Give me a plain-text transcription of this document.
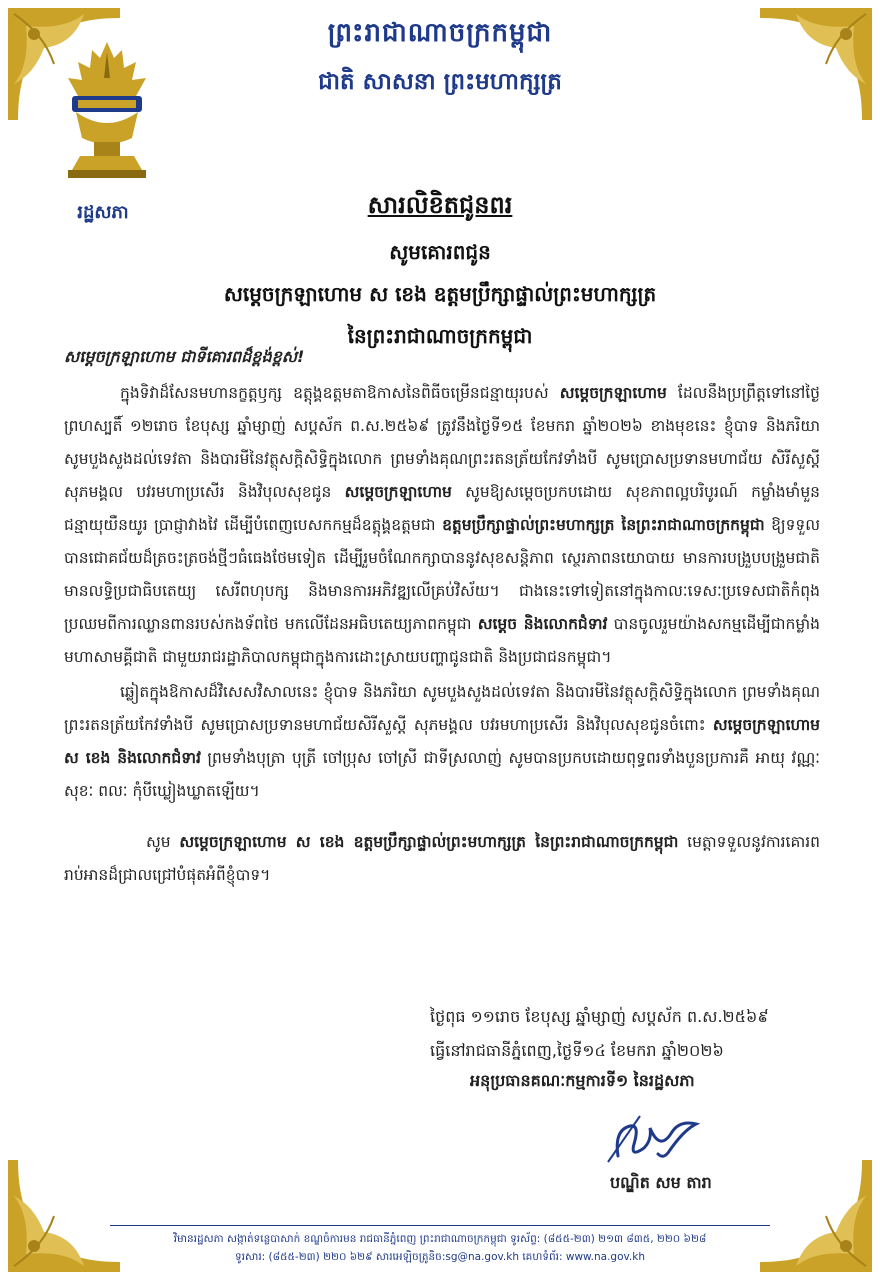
រដ្ឋសភា
ព្រះរាជាណាចក្រកម្ពុជា
ជាតិ សាសនា ព្រះមហាក្សត្រ
សារលិខិតជូនពរ
សូមគោរពជូន
សម្តេចក្រឡាហោម ស ខេង ឧត្តមប្រឹក្សាផ្ទាល់ព្រះមហាក្សត្រ
នៃព្រះរាជាណាចក្រកម្ពុជា
សម្តេចក្រឡាហោម ជាទីគោរពដ៏ខ្ពង់ខ្ពស់!

ក្នុងទិវាដ៏សែនមហានក្ខត្តឫក្ស ឧត្តុង្គឧត្តមតាឱកាសនៃពិធីចម្រើនជន្មាយុរបស់ សម្តេចក្រឡាហោម ដែលនឹងប្រព្រឹត្តទៅនៅថ្ងៃព្រហស្បតិ៍ ១២រោច ខែបុស្ស ឆ្នាំម្សាញ់ សប្តស័ក ព.ស.២៥៦៩ ត្រូវនឹងថ្ងៃទី១៥ ខែមករា ឆ្នាំ២០២៦ ខាងមុខនេះ ខ្ញុំបាទ និងភរិយា សូមបួងសួងដល់ទេវតា និងបារមីនៃវត្ថុសក្តិសិទ្ធិក្នុងលោក ព្រមទាំងគុណព្រះរតនត្រ័យកែវទាំងបី សូមប្រោសប្រទានមហាជ័យ សិរីសួស្តី សុភមង្គល បវរមហាប្រសើរ និងវិបុលសុខជូន សម្តេចក្រឡាហោម សូមឱ្យសម្តេចប្រកបដោយ សុខភាពល្អបរិបូរណ៍ កម្លាំងមាំមួន ជន្មាយុយឺនយូរ ប្រាជ្ញាវាងវៃ ដើម្បីបំពេញបេសកកម្មដ៏ឧត្តុង្គឧត្តមជា ឧត្តមប្រឹក្សាផ្ទាល់ព្រះមហាក្សត្រ នៃព្រះរាជាណាចក្រកម្ពុជា ឱ្យទទួលបានជោគជ័យដ៏ត្រចះត្រចង់ថ្មីៗធំធេងថែមទៀត ដើម្បីរួមចំណែកក្សាបាននូវសុខសន្តិភាព ស្ថេរភាពនយោបាយ មានការបង្រួបបង្រួមជាតិ មានលទ្ធិប្រជាធិបតេយ្យ សេរីពហុបក្ស និងមានការអភិវឌ្ឍលើគ្រប់វិស័យ។ ជាងនេះទៅទៀតនៅក្នុងកាលៈទេសៈប្រទេសជាតិកំពុងប្រឈមពីការឈ្លានពានរបស់កងទ័ពថៃ មកលើដែនអធិបតេយ្យភាពកម្ពុជា សម្តេច និងលោកជំទាវ បានចូលរួមយ៉ាងសកម្មដើម្បីជាកម្លាំងមហាសាមគ្គីជាតិ ជាមួយរាជរដ្ឋាភិបាលកម្ពុជាក្នុងការដោះស្រាយបញ្ហាជូនជាតិ និងប្រជាជនកម្ពុជា។

ឆ្លៀតក្នុងឱកាសដ៏វិសេសវិសាលនេះ ខ្ញុំបាទ និងភរិយា សូមបួងសួងដល់ទេវតា និងបារមីនៃវត្ថុសក្តិសិទ្ធិក្នុងលោក ព្រមទាំងគុណព្រះរតនត្រ័យកែវទាំងបី សូមប្រោសប្រទានមហាជ័យសិរីសួស្តី សុភមង្គល បវរមហាប្រសើរ និងវិបុលសុខជូនចំពោះ សម្តេចក្រឡាហោម ស ខេង និងលោកជំទាវ ព្រមទាំងបុត្រា បុត្រី ចៅប្រុស ចៅស្រី ជាទីស្រលាញ់ សូមបានប្រកបដោយពុទ្ធពរទាំងបួនប្រការគឺ អាយុ វណ្ណៈ សុខៈ ពលៈ កុំបីឃ្លៀងឃ្លាតឡើយ។

សូម សម្តេចក្រឡាហោម ស ខេង ឧត្តមប្រឹក្សាផ្ទាល់ព្រះមហាក្សត្រ នៃព្រះរាជាណាចក្រកម្ពុជា មេត្តាទទួលនូវការគោរពរាប់អានដ៏ជ្រាលជ្រៅបំផុតអំពីខ្ញុំបាទ។

ថ្ងៃពុធ ១១រោច ខែបុស្ស ឆ្នាំម្សាញ់ សប្តស័ក ព.ស.២៥៦៩
ធ្វើនៅរាជធានីភ្នំពេញ,ថ្ងៃទី១៤ ខែមករា ឆ្នាំ២០២៦
អនុប្រធានគណៈកម្មការទី១ នៃរដ្ឋសភា
បណ្ឌិត សម តារា
វិមានរដ្ឋសភា សង្កាត់ទន្លេបាសាក់ ខណ្ឌចំការមន រាជធានីភ្នំពេញ ព្រះរាជាណាចក្រកម្ពុជា ទូរស័ព្ទ: (៨៥៥-២៣) ២១៣ ៨៣៥, ២២០ ៦២៨
ទូរសារ: (៨៥៥-២៣) ២២០ ៦២៩ សារអេឡិចត្រូនិច:sg@na.gov.kh គេហទំព័រ: www.na.gov.kh
